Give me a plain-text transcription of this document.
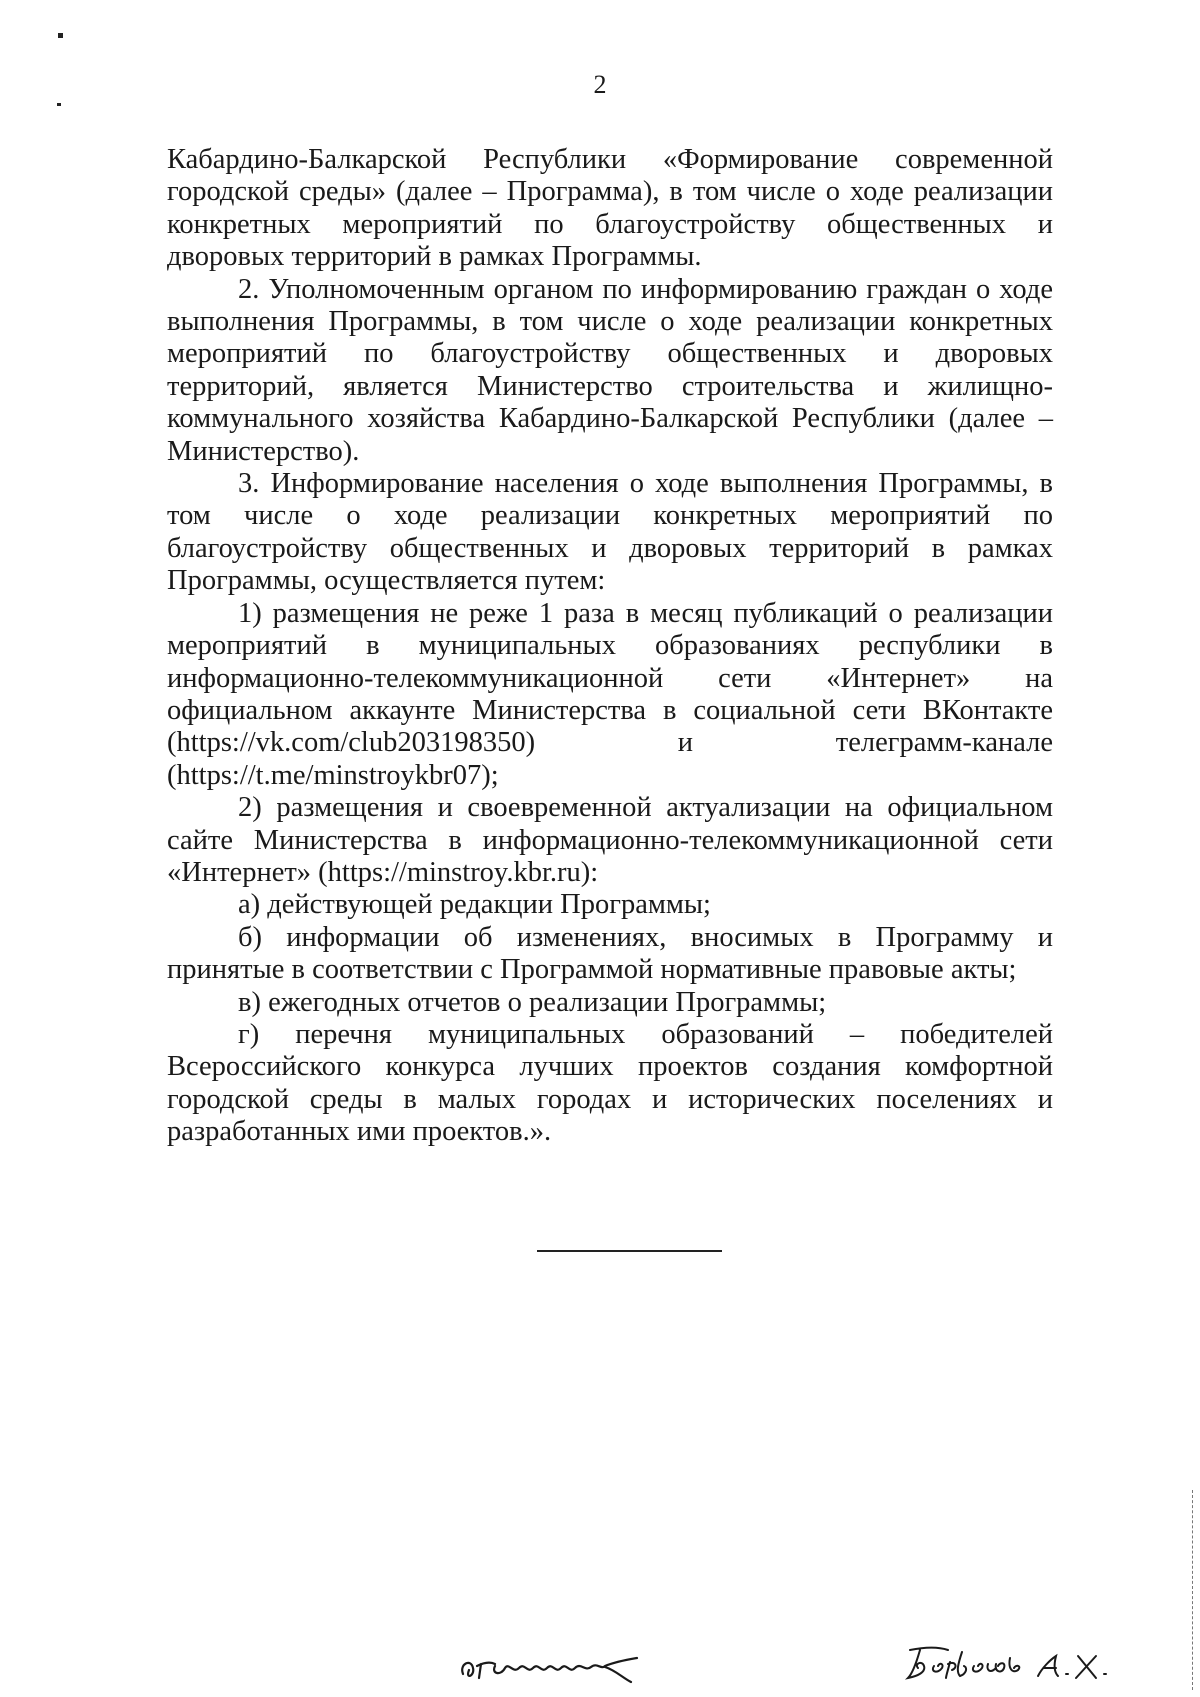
2

Кабардино-Балкарской Республики «Формирование современной городской среды» (далее – Программа), в том числе о ходе реализации конкретных мероприятий по благоустройству общественных и дворовых территорий в рамках Программы.

2. Уполномоченным органом по информированию граждан о ходе выполнения Программы, в том числе о ходе реализации конкретных мероприятий по благоустройству общественных и дворовых территорий, является Министерство строительства и жилищно-коммунального хозяйства Кабардино-Балкарской Республики (далее – Министерство).

3. Информирование населения о ходе выполнения Программы, в том числе о ходе реализации конкретных мероприятий по благоустройству общественных и дворовых территорий в рамках Программы, осуществляется путем:

1) размещения не реже 1 раза в месяц публикаций о реализации мероприятий в муниципальных образованиях республики в информационно-телекоммуникационной сети «Интернет» на официальном аккаунте Министерства в социальной сети ВКонтакте (https://vk.com/club203198350) и телеграмм-канале (https://t.me/minstroykbr07);

2) размещения и своевременной актуализации на официальном сайте Министерства в информационно-телекоммуникационной сети «Интернет» (https://minstroy.kbr.ru):

а) действующей редакции Программы;

б) информации об изменениях, вносимых в Программу и принятые в соответствии с Программой нормативные правовые акты;

в) ежегодных отчетов о реализации Программы;

г) перечня муниципальных образований – победителей Всероссийского конкурса лучших проектов создания комфортной городской среды в малых городах и исторических поселениях и разработанных ими проектов.».
